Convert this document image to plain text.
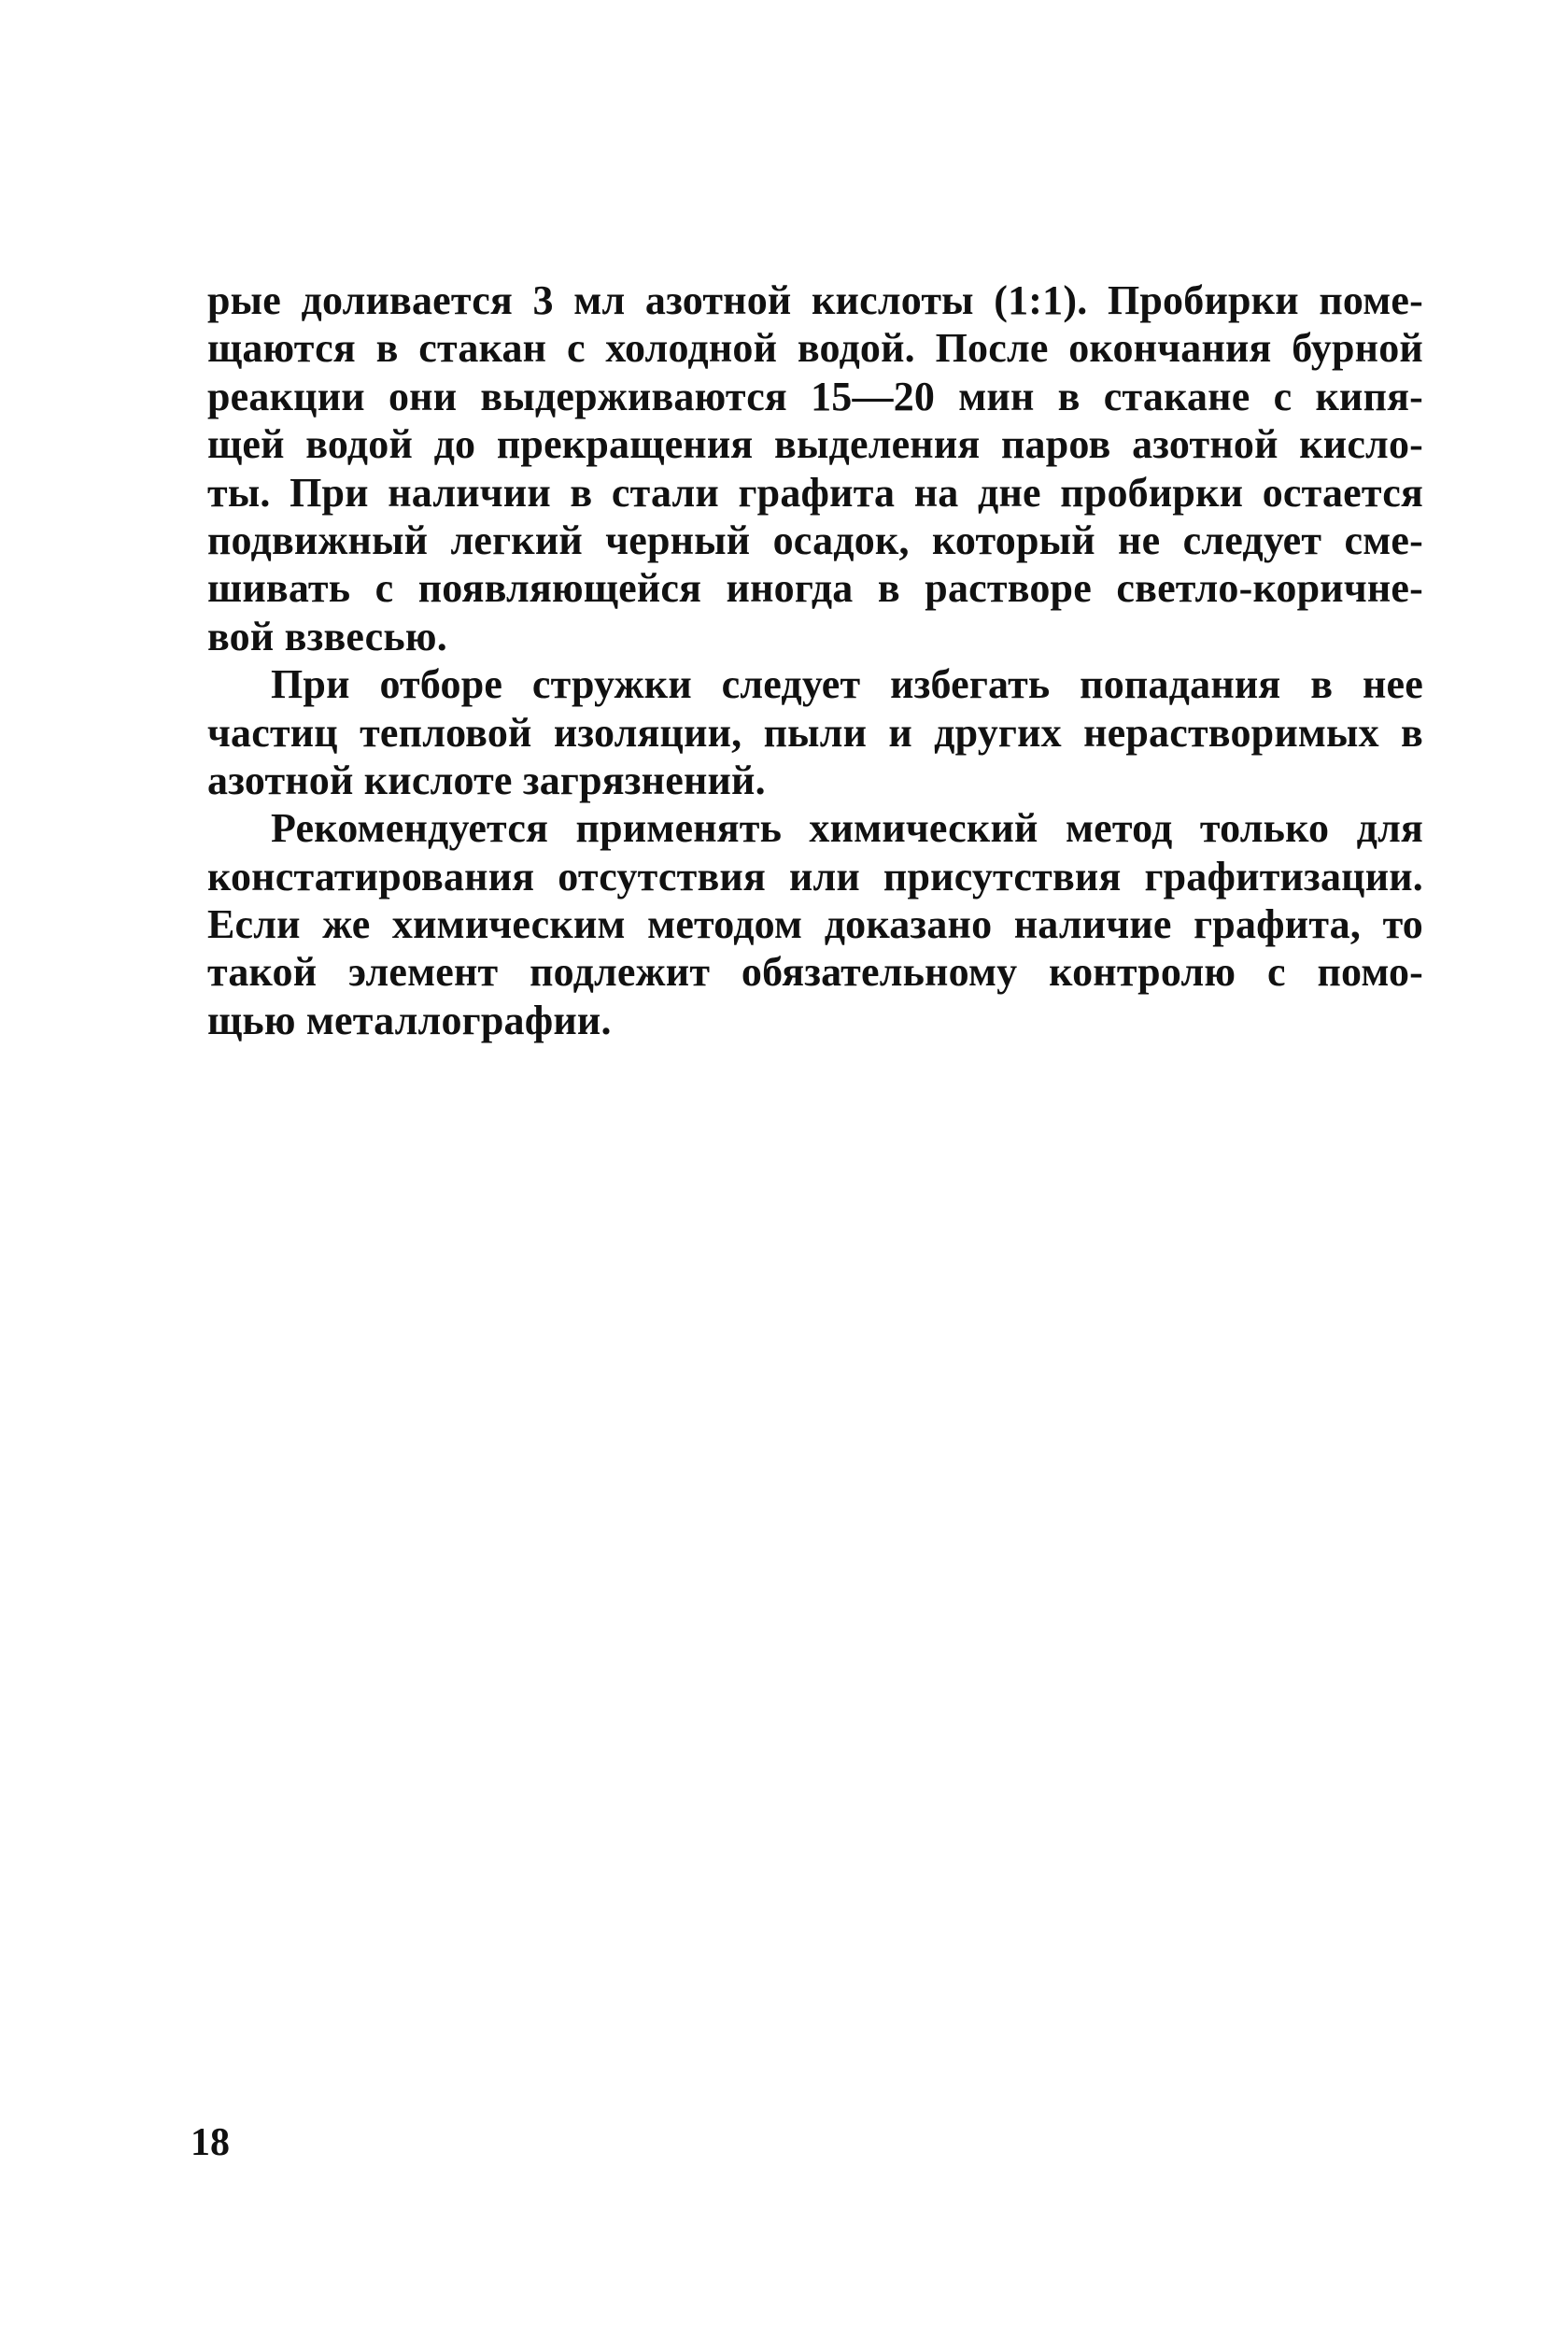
рые доливается 3 мл азотной кислоты (1:1). Пробирки поме-
щаются в стакан с холодной водой. После окончания бурной
реакции они выдерживаются 15—20 мин в стакане с кипя-
щей водой до прекращения выделения паров азотной кисло-
ты. При наличии в стали графита на дне пробирки остается
подвижный легкий черный осадок, который не следует сме-
шивать с появляющейся иногда в растворе светло-коричне-
вой взвесью.
При отборе стружки следует избегать попадания в нее
частиц тепловой изоляции, пыли и других нерастворимых в
азотной кислоте загрязнений.
Рекомендуется применять химический метод только для
констатирования отсутствия или присутствия графитизации.
Если же химическим методом доказано наличие графита, то
такой элемент подлежит обязательному контролю с помо-
щью металлографии.
18
